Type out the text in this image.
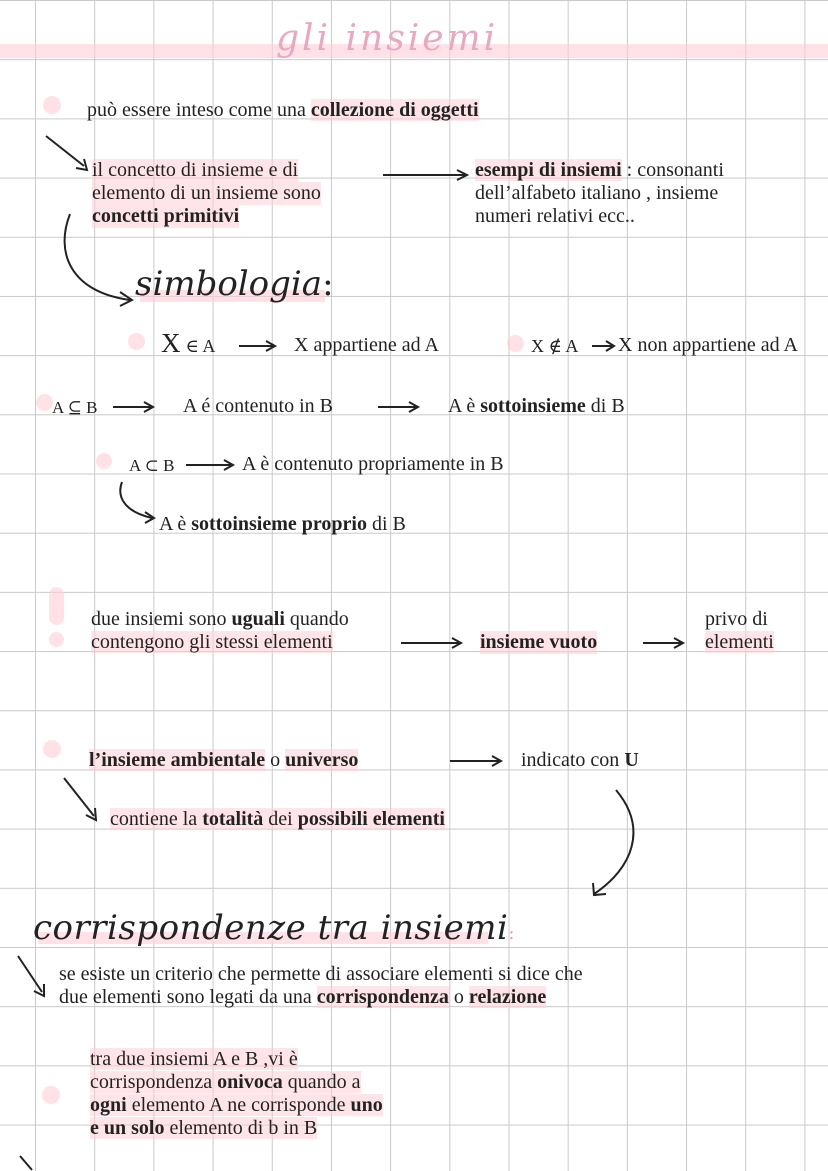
gli insiemi
può essere inteso come una collezione di oggetti
il concetto di insieme e di
elemento di un insieme sono
concetti primitivi
esempi di insiemi : consonanti
dell’alfabeto italiano , insieme
numeri relativi ecc..
simbologia:
X ∈ A	X appartiene ad A	X ∉ A X non appartiene ad A
A ⊆ B	A é contenuto in B	A è sottoinsieme di B
A ⊂ B	A è contenuto propriamente in B
A è sottoinsieme proprio di B
due insiemi sono uguali quando
contengono gli stessi elementi	insieme vuoto
privo di
elementi
l’insieme ambientale o universo	indicato con U
contiene la totalità dei possibili elementi
corrispondenze tra insiemi:
se esiste un criterio che permette di associare elementi si dice che
due elementi sono legati da una corrispondenza o relazione
tra due insiemi A e B ,vi è
corrispondenza onivoca quando a
ogni elemento A ne corrisponde uno
e un solo elemento di b in B
